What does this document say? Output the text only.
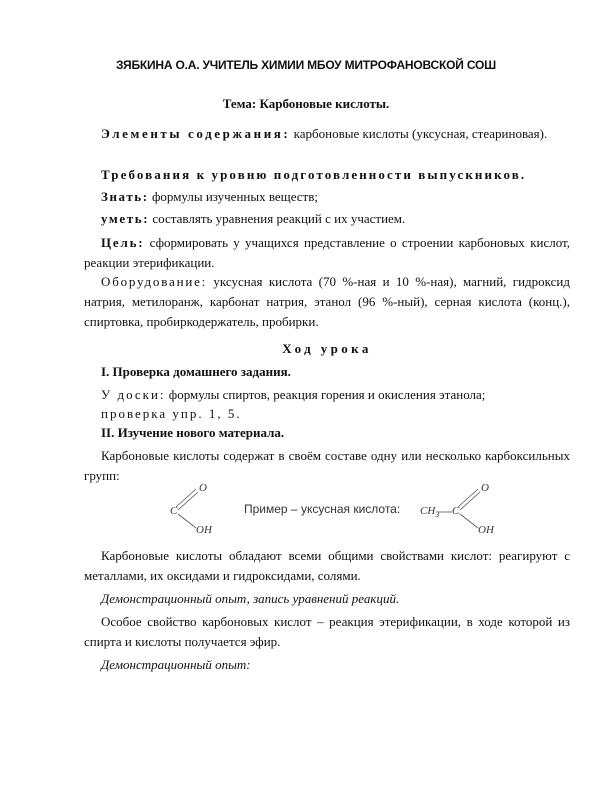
ЗЯБКИНА О.А. УЧИТЕЛЬ ХИМИИ МБОУ МИТРОФАНОВСКОЙ СОШ
Тема: Карбоновые кислоты.
Элементы содержания: карбоновые кислоты (уксусная, стеариновая).
Требования к уровню подготовленности выпускников.
Знать: формулы изученных веществ;
уметь: составлять уравнения реакций с их участием.
Цель: сформировать у учащихся представление о строении карбоновых кислот, реакции этерификации.
Оборудование: уксусная кислота (70 %-ная и 10 %-ная), магний, гидроксид натрия, метилоранж, карбонат натрия, этанол (96 %-ный), серная кислота (конц.), спиртовка, пробиркодержатель, пробирки.
Ход урока
I. Проверка домашнего задания.
У доски: формулы спиртов, реакция горения и окисления этанола;
проверка упр. 1, 5.
II. Изучение нового материала.
Карбоновые кислоты содержат в своём составе одну или несколько карбоксильных групп:
C
O
OH
Пример – уксусная кислота: $CH_3$ C
O
OH
Карбоновые кислоты обладают всеми общими свойствами кислот: реагируют с металлами, их оксидами и гидроксидами, солями.
Демонстрационный опыт, запись уравнений реакций.
Особое свойство карбоновых кислот – реакция этерификации, в ходе которой из спирта и кислоты получается эфир.
Демонстрационный опыт:
